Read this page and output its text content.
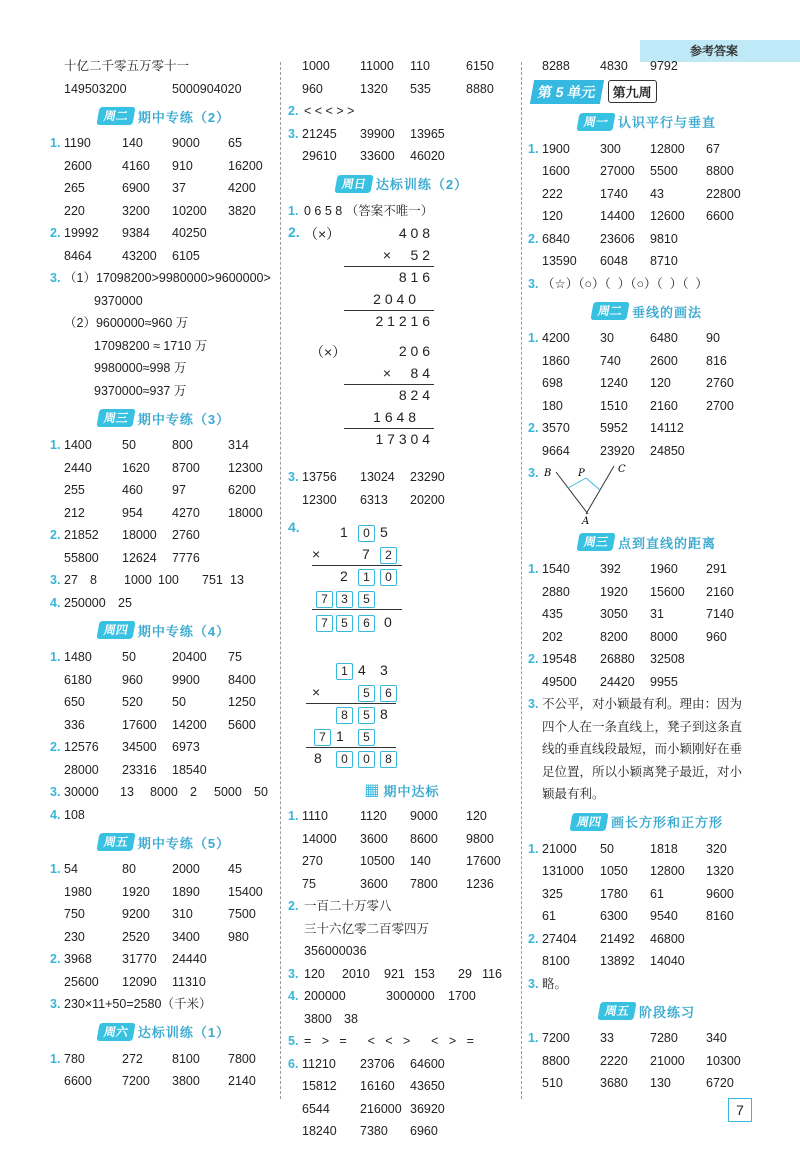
参考答案
十亿二千零五万零十一
149503200	5000904020
周二 期中专练（2）
1. 1190 140 9000 65
2600 4160 910	16200
265	6900 37	4200
220	3200 10200 3820
2. 19992 9384 40250
8464 43200 6105
3. （1）17098200>9980000>9600000>
9370000
（2）9600000≈960 万
17098200 ≈ 1710 万
9980000≈998 万
9370000≈937 万
周三 期中专练（3）
1. 1400 50	800	314
2440 1620 8700 12300
255	460 97	6200
212	954 4270 18000
2. 21852 18000 2760
55800 12624 7776
3. 27 8 1000 100 751 13
4. 250000 25
周四 期中专练（4）
1. 1480 50	20400 75
6180 960 9900 8400
650	520 50	1250
336	17600 14200 5600
2. 12576 34500 6973
28000 23316 18540
3. 30000 13 8000 2 5000 50
4. 108
周五 期中专练（5）
1. 54	80	2000 45
1980 1920 1890 15400
750	9200 310	7500
230	2520 3400 980
2. 3968 31770 24440
25600 12090 11310
3. 230×11+50=2580（千米）
周六 达标训练（1）
1. 780	272 8100 7800
6600 7200 3800 2140
1000 11000 110	6150
960	1320 535	8880
2. < < < > >
3. 21245 39900 13965
29610 33600 46020
周日 达标训练（2）
1. 0 6 5 8 （答案不唯一）
2. （×）	4 0 8
×     5 2
8 1 6
2 0 4 0
2 1 2 1 6
（×）	2 0 6
×     8 4
8 2 4
1 6 4 8
1 7 3 0 4
3. 13756 13024 23290
12300 6313 20200
4.	1	0 5
×	7	2
2	1	0
7	3	5
7	5	6	0
1 4 3
×	5	6
8	5 8
7 1	5
8	0	0	8
▦ 期中达标
1. 1110	1120 9000 120
14000 3600 8600 9800
270	10500 140	17600
75	3600 7800 1236
2. 一百二十万零八
三十六亿零二百零四万
356000036
3. 120 2010 921 153 29 116
4. 200000	3000000 1700
3800 38
5. =   >   =      <   <   >      <   >   =
6. 11210 23706 64600
15812 16160 43650
6544 216000 36920
18240 7380 6960
8288 4830 9792
第 5 单元	第九周
周一 认识平行与垂直
1. 1900 300 12800 67
1600 27000 5500 8800
222	1740 43	22800
120	14400 12600 6600
2. 6840 23606 9810
13590 6048 8710
3. （☆）（○）（  ）（○）（  ）（  ）
周二 垂线的画法
1. 4200 30	6480 90
1860 740 2600 816
698	1240 120	2760
180	1510 2160 2700
2. 3570 5952 14112
9664 23920 24850
3. B	P	C
A
周三 点到直线的距离
1. 1540 392 1960 291
2880 1920 15600 2160
435	3050 31	7140
202	8200 8000 960
2. 19548 26880 32508
49500 24420 9955
3. 不公平，对小颖最有利。理由：因为四个人在一条直线上，凳子到这条直线的垂直线段最短，而小颖刚好在垂足位置，所以小颖离凳子最近，对小颖最有利。
周四 画长方形和正方形
1. 21000 50	1818 320
131000 1050 12800 1320
325	1780 61	9600
61	6300 9540 8160
2. 27404 21492 46800
8100 13892 14040
3. 略。
周五 阶段练习
1. 7200 33	7280 340
8800 2220 21000 10300
510	3680 130	6720
7
